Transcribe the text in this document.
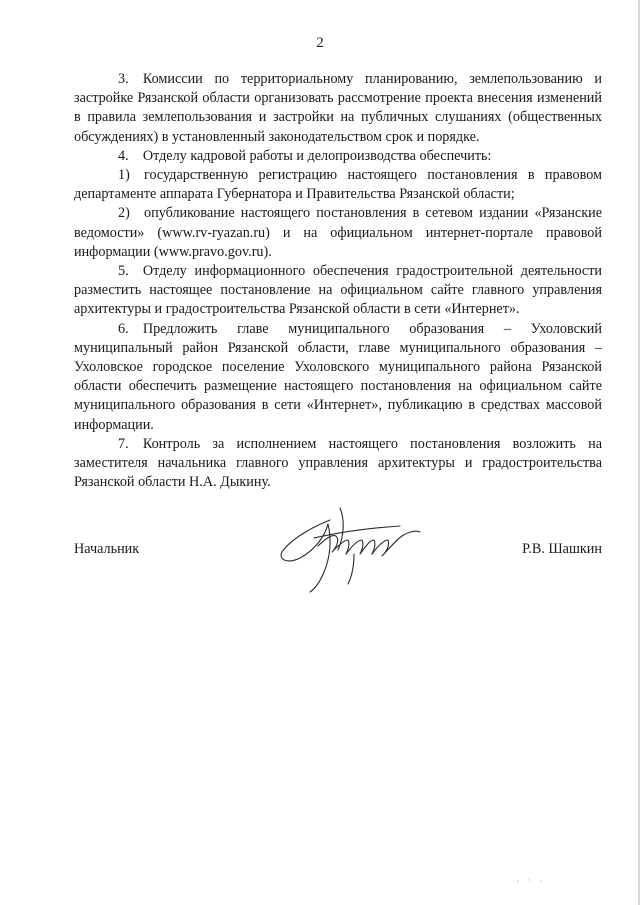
2

3. Комиссии по территориальному планированию, землепользованию и застройке Рязанской области организовать рассмотрение проекта внесения изменений в правила землепользования и застройки на публичных слушаниях (общественных обсуждениях) в установленный законодательством срок и порядке.

4. Отделу кадровой работы и делопроизводства обеспечить:

1) государственную регистрацию настоящего постановления в правовом департаменте аппарата Губернатора и Правительства Рязанской области;

2) опубликование настоящего постановления в сетевом издании «Рязанские ведомости» (www.rv-ryazan.ru) и на официальном интернет-портале правовой информации (www.pravo.gov.ru).

5. Отделу информационного обеспечения градостроительной деятельности разместить настоящее постановление на официальном сайте главного управления архитектуры и градостроительства Рязанской области в сети «Интернет».

6. Предложить главе муниципального образования – Ухоловский муниципальный район Рязанской области, главе муниципального образования – Ухоловское городское поселение Ухоловского муниципального района Рязанской области обеспечить размещение настоящего постановления на официальном сайте муниципального образования в сети «Интернет», публикацию в средствах массовой информации.

7. Контроль за исполнением настоящего постановления возложить на заместителя начальника главного управления архитектуры и градостроительства Рязанской области Н.А. Дыкину.

Начальник	Р.В. Шашкин
